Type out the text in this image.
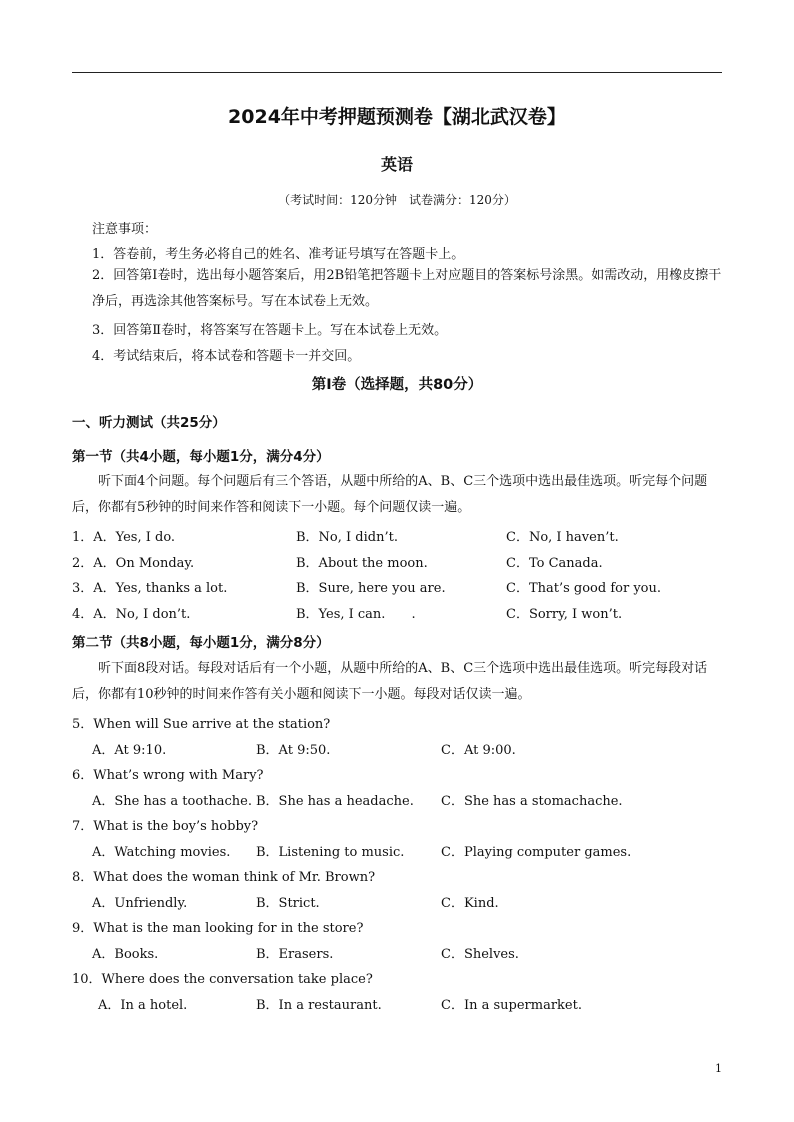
2024年中考押题预测卷【湖北武汉卷】
英语
（考试时间：120分钟　试卷满分：120分）
注意事项：
1．答卷前，考生务必将自己的姓名、准考证号填写在答题卡上。
2．回答第Ⅰ卷时，选出每小题答案后，用2B铅笔把答题卡上对应题目的答案标号涂黑。如需改动，用橡皮擦干净后，再选涂其他答案标号。写在本试卷上无效。
3．回答第Ⅱ卷时，将答案写在答题卡上。写在本试卷上无效。
4．考试结束后，将本试卷和答题卡一并交回。
第Ⅰ卷（选择题，共80分）
一、听力测试（共25分）
第一节（共4小题，每小题1分，满分4分）
听下面4个问题。每个问题后有三个答语，从题中所给的A、B、C三个选项中选出最佳选项。听完每个问题后，你都有5秒钟的时间来作答和阅读下一小题。每个问题仅读一遍。
1．A．Yes, I do.	B．No, I didn’t.	C．No, I haven’t.
2．A．On Monday.	B．About the moon.	C．To Canada.
3．A．Yes, thanks a lot.	B．Sure, here you are.	C．That’s good for you.
4．A．No, I don’t.	B．Yes, I can.　　.	C．Sorry, I won’t.
第二节（共8小题，每小题1分，满分8分）
听下面8段对话。每段对话后有一个小题，从题中所给的A、B、C三个选项中选出最佳选项。听完每段对话后，你都有10秒钟的时间来作答有关小题和阅读下一小题。每段对话仅读一遍。
5．When will Sue arrive at the station?
A．At 9:10.	B．At 9:50.	C．At 9:00.
6．What’s wrong with Mary?
A．She has a toothache. B．She has a headache. C．She has a stomachache.
7．What is the boy’s hobby?
A．Watching movies. B．Listening to music.	C．Playing computer games.
8．What does the woman think of Mr. Brown?
A．Unfriendly.	B．Strict.	C．Kind.
9．What is the man looking for in the store?
A．Books.	B．Erasers.	C．Shelves.
10．Where does the conversation take place?
A．In a hotel.	B．In a restaurant.	C．In a supermarket.
1
